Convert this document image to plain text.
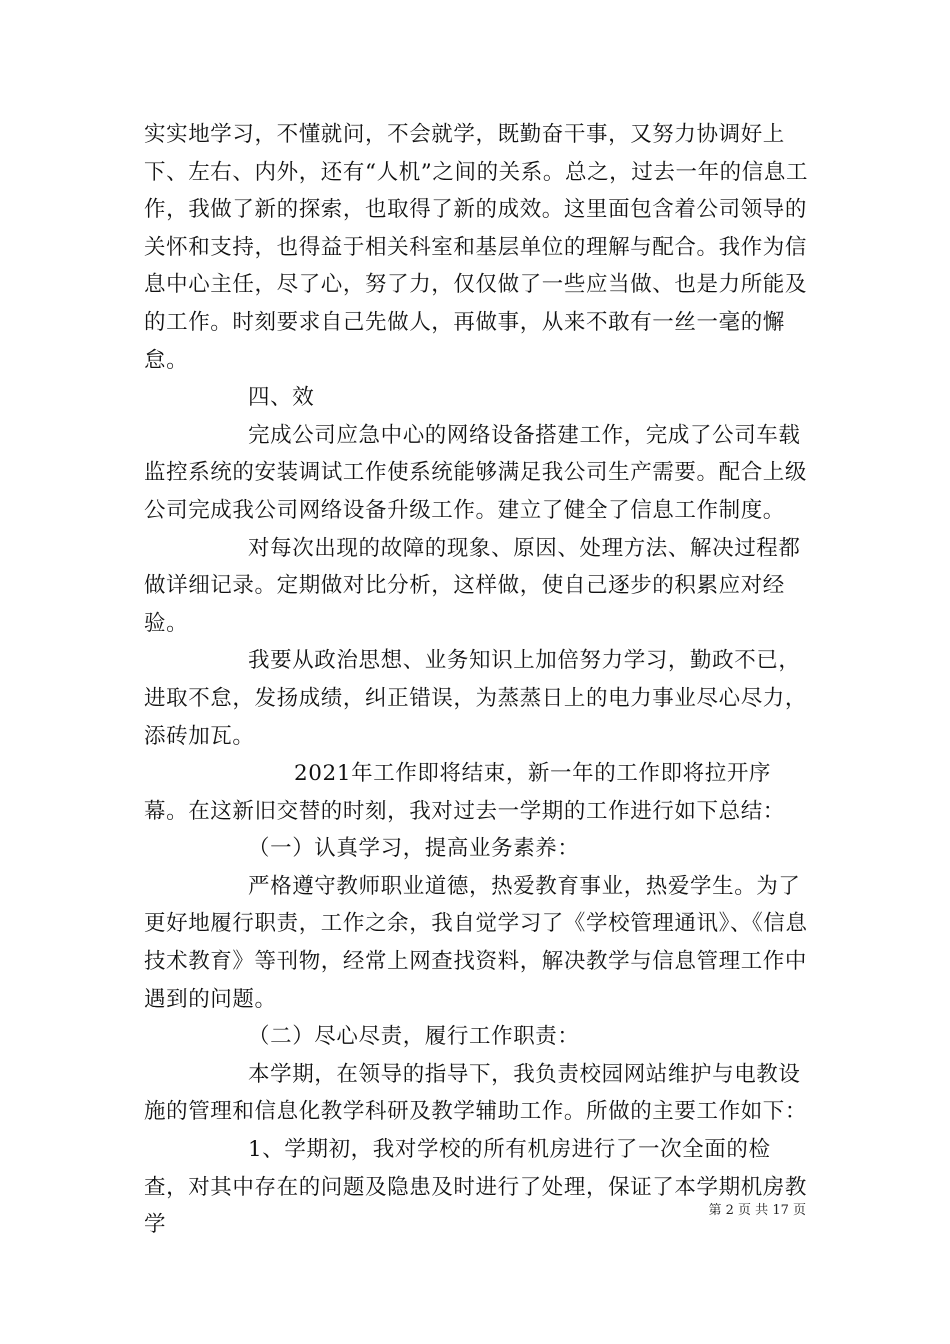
实实地学习，不懂就问，不会就学，既勤奋干事，又努力协调好上下、左右、内外，还有“人机”之间的关系。总之，过去一年的信息工作，我做了新的探索，也取得了新的成效。这里面包含着公司领导的关怀和支持，也得益于相关科室和基层单位的理解与配合。我作为信息中心主任，尽了心，努了力，仅仅做了一些应当做、也是力所能及的工作。时刻要求自己先做人，再做事，从来不敢有一丝一毫的懈怠。

四、效

完成公司应急中心的网络设备搭建工作，完成了公司车载监控系统的安装调试工作使系统能够满足我公司生产需要。配合上级公司完成我公司网络设备升级工作。建立了健全了信息工作制度。

对每次出现的故障的现象、原因、处理方法、解决过程都做详细记录。定期做对比分析，这样做，使自己逐步的积累应对经验。

我要从政治思想、业务知识上加倍努力学习，勤政不已，进取不怠，发扬成绩，纠正错误，为蒸蒸日上的电力事业尽心尽力，添砖加瓦。

2021年工作即将结束，新一年的工作即将拉开序幕。在这新旧交替的时刻，我对过去一学期的工作进行如下总结：

（一）认真学习，提高业务素养：

严格遵守教师职业道德，热爱教育事业，热爱学生。为了更好地履行职责，工作之余，我自觉学习了《学校管理通讯》、《信息技术教育》等刊物，经常上网查找资料，解决教学与信息管理工作中遇到的问题。

（二）尽心尽责，履行工作职责：

本学期，在领导的指导下，我负责校园网站维护与电教设施的管理和信息化教学科研及教学辅助工作。所做的主要工作如下：

1、学期初，我对学校的所有机房进行了一次全面的检查，对其中存在的问题及隐患及时进行了处理，保证了本学期机房教学

第 2 页 共 17 页
